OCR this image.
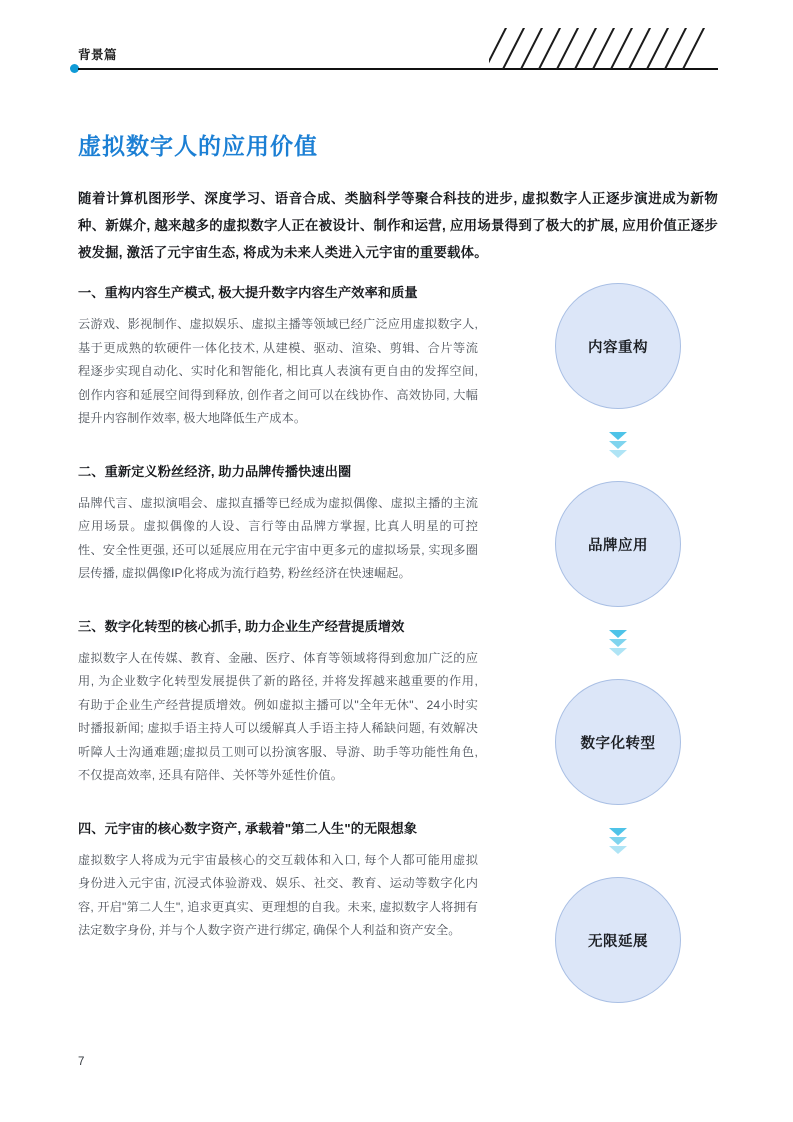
背景篇
虚拟数字人的应用价值

随着计算机图形学、深度学习、语音合成、类脑科学等聚合科技的进步, 虚拟数字人正逐步演进成为新物种、新媒介, 越来越多的虚拟数字人正在被设计、制作和运营, 应用场景得到了极大的扩展, 应用价值正逐步被发掘, 激活了元宇宙生态, 将成为未来人类进入元宇宙的重要载体。

一、重构内容生产模式, 极大提升数字内容生产效率和质量
云游戏、影视制作、虚拟娱乐、虚拟主播等领域已经广泛应用虚拟数字人, 基于更成熟的软硬件一体化技术, 从建模、驱动、渲染、剪辑、合片等流程逐步实现自动化、实时化和智能化, 相比真人表演有更自由的发挥空间, 创作内容和延展空间得到释放, 创作者之间可以在线协作、高效协同, 大幅提升内容制作效率, 极大地降低生产成本。
二、重新定义粉丝经济, 助力品牌传播快速出圈
品牌代言、虚拟演唱会、虚拟直播等已经成为虚拟偶像、虚拟主播的主流应用场景。虚拟偶像的人设、言行等由品牌方掌握, 比真人明星的可控性、安全性更强, 还可以延展应用在元宇宙中更多元的虚拟场景, 实现多圈层传播, 虚拟偶像IP化将成为流行趋势, 粉丝经济在快速崛起。
三、数字化转型的核心抓手, 助力企业生产经营提质增效
虚拟数字人在传媒、教育、金融、医疗、体育等领域将得到愈加广泛的应用, 为企业数字化转型发展提供了新的路径, 并将发挥越来越重要的作用, 有助于企业生产经营提质增效。例如虚拟主播可以"全年无休"、24小时实时播报新闻; 虚拟手语主持人可以缓解真人手语主持人稀缺问题, 有效解决听障人士沟通难题;虚拟员工则可以扮演客服、导游、助手等功能性角色, 不仅提高效率, 还具有陪伴、关怀等外延性价值。
四、元宇宙的核心数字资产, 承载着"第二人生"的无限想象
虚拟数字人将成为元宇宙最核心的交互载体和入口, 每个人都可能用虚拟身份进入元宇宙, 沉浸式体验游戏、娱乐、社交、教育、运动等数字化内容, 开启"第二人生", 追求更真实、更理想的自我。未来, 虚拟数字人将拥有法定数字身份, 并与个人数字资产进行绑定, 确保个人利益和资产安全。
内容重构
品牌应用
数字化转型
无限延展
7
